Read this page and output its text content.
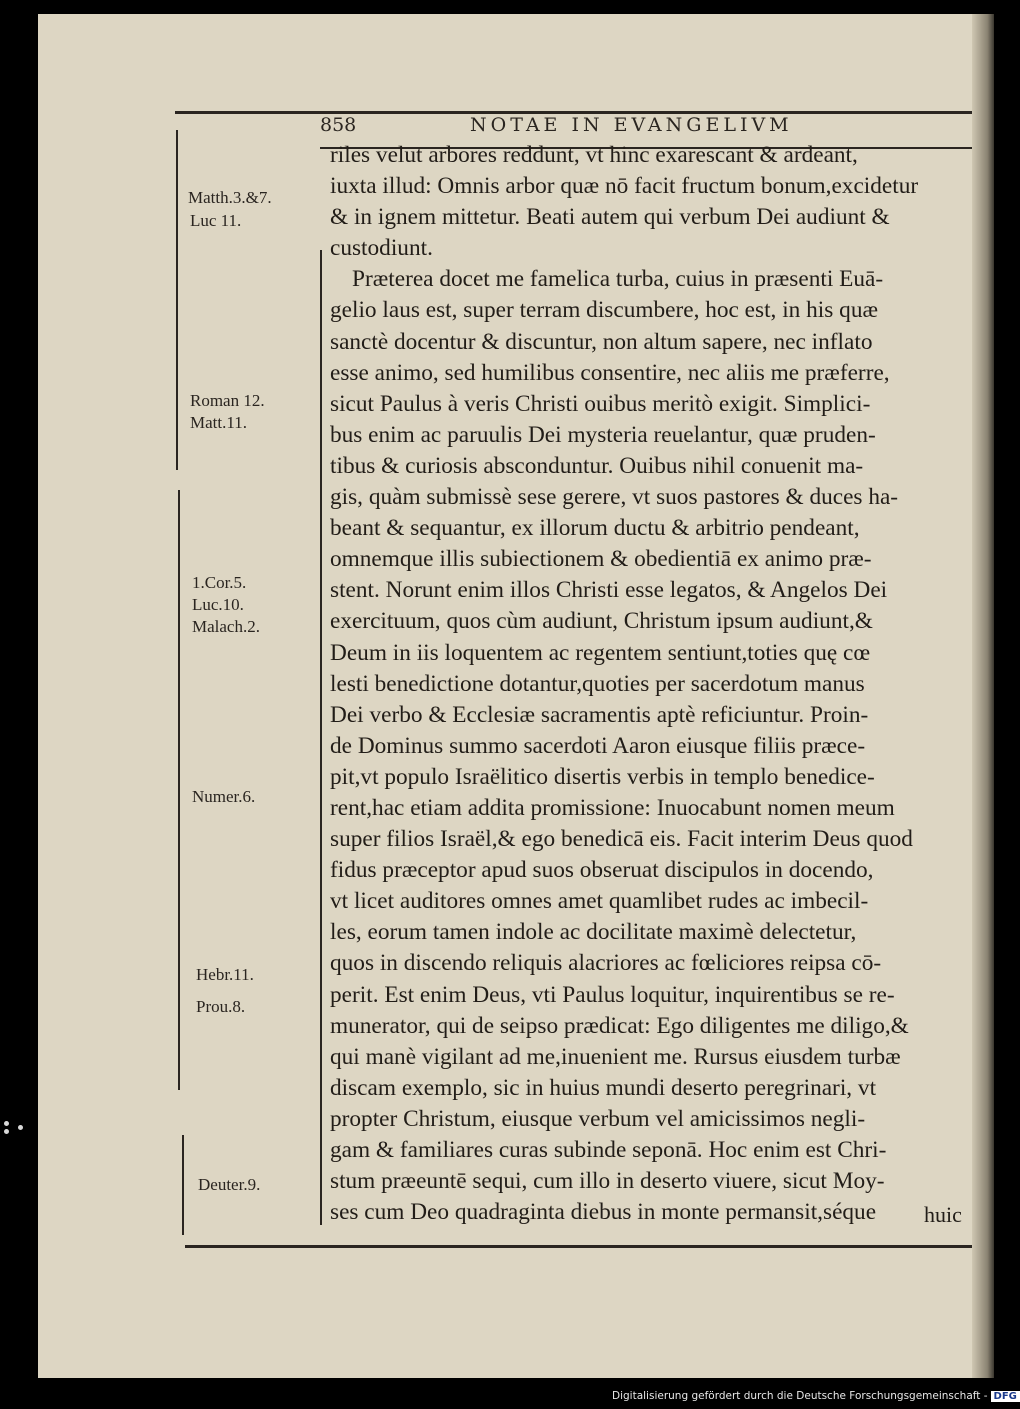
858	NOTAE IN EVANGELIVM
Matth.3.&7.
Luc 11.
Roman 12.
Matt.11.
1.Cor.5.
Luc.10.
Malach.2.
Numer.6.
Hebr.11.
Prou.8.
Deuter.9.
riles velut arbores reddunt, vt hinc exarescant & ardeant,
iuxta illud: Omnis arbor quæ nō facit fructum bonum,excidetur
& in ignem mittetur. Beati autem qui verbum Dei audiunt &
custodiunt.
Præterea docet me famelica turba, cuius in præsenti Euā-
gelio laus est, super terram discumbere, hoc est, in his quæ
sanctè docentur & discuntur, non altum sapere, nec inflato
esse animo, sed humilibus consentire, nec aliis me præferre,
sicut Paulus à veris Christi ouibus meritò exigit. Simplici-
bus enim ac paruulis Dei mysteria reuelantur, quæ pruden-
tibus & curiosis absconduntur. Ouibus nihil conuenit ma-
gis, quàm submissè sese gerere, vt suos pastores & duces ha-
beant & sequantur, ex illorum ductu & arbitrio pendeant,
omnemque illis subiectionem & obedientiā ex animo præ-
stent. Norunt enim illos Christi esse legatos, & Angelos Dei
exercituum, quos cùm audiunt, Christum ipsum audiunt,&
Deum in iis loquentem ac regentem sentiunt,toties quę cœ
lesti benedictione dotantur,quoties per sacerdotum manus
Dei verbo & Ecclesiæ sacramentis aptè reficiuntur. Proin-
de Dominus summo sacerdoti Aaron eiusque filiis præce-
pit,vt populo Israëlitico disertis verbis in templo benedice-
rent,hac etiam addita promissione: Inuocabunt nomen meum
super filios Israël,& ego benedicā eis. Facit interim Deus quod
fidus præceptor apud suos obseruat discipulos in docendo,
vt licet auditores omnes amet quamlibet rudes ac imbecil-
les, eorum tamen indole ac docilitate maximè delectetur,
quos in discendo reliquis alacriores ac fœliciores reipsa cō-
perit. Est enim Deus, vti Paulus loquitur, inquirentibus se re-
munerator, qui de seipso prædicat: Ego diligentes me diligo,&
qui manè vigilant ad me,inuenient me. Rursus eiusdem turbæ
discam exemplo, sic in huius mundi deserto peregrinari, vt
propter Christum, eiusque verbum vel amicissimos negli-
gam & familiares curas subinde seponā. Hoc enim est Chri-
stum præeuntē sequi, cum illo in deserto viuere, sicut Moy-
ses cum Deo quadraginta diebus in monte permansit,séque	huic
Digitalisierung gefördert durch die Deutsche Forschungsgemeinschaft - DFG
